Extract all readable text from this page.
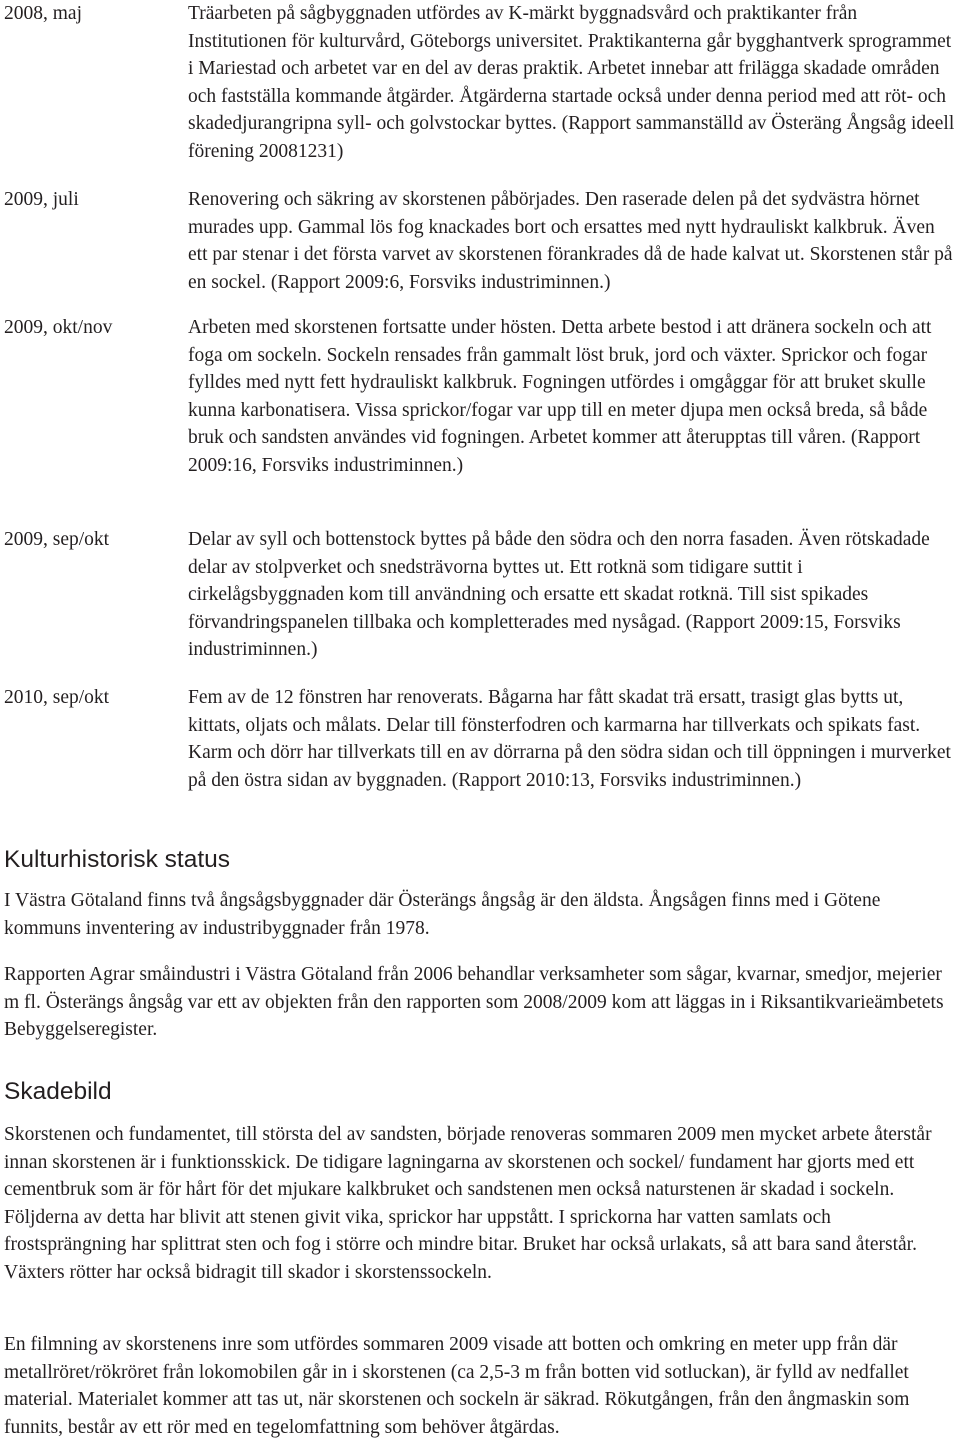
2008, maj	Träarbeten på sågbyggnaden utfördes av K-märkt byggnadsvård och praktikanter från Institutionen för kulturvård, Göteborgs universitet. Praktikanterna går bygghantverk sprogrammet i Mariestad och arbetet var en del av deras praktik. Arbetet innebar att frilägga skadade områden och fastställa kommande åtgärder. Åtgärderna startade också under denna period med att röt- och skadedjurangripna syll- och golvstockar byttes. (Rapport sammanställd av Österäng Ångsåg ideell förening 20081231)
2009, juli	Renovering och säkring av skorstenen påbörjades. Den raserade delen på det sydvästra hörnet murades upp. Gammal lös fog knackades bort och ersattes med nytt hydrauliskt kalkbruk. Även ett par stenar i det första varvet av skorstenen förankrades då de hade kalvat ut. Skorstenen står på en sockel. (Rapport 2009:6, Forsviks industriminnen.)
2009, okt/nov	Arbeten med skorstenen fortsatte under hösten. Detta arbete bestod i att dränera sockeln och att foga om sockeln. Sockeln rensades från gammalt löst bruk, jord och växter. Sprickor och fogar fylldes med nytt fett hydrauliskt kalkbruk. Fogningen utfördes i omgåggar för att bruket skulle kunna karbonatisera. Vissa sprickor/fogar var upp till en meter djupa men också breda, så både bruk och sandsten användes vid fogningen. Arbetet kommer att återupptas till våren. (Rapport 2009:16, Forsviks industriminnen.)
2009, sep/okt	Delar av syll och bottenstock byttes på både den södra och den norra fasaden. Även rötskadade delar av stolpverket och snedsträvorna byttes ut. Ett rotknä som tidigare suttit i cirkelågsbyggnaden kom till användning och ersatte ett skadat rotknä. Till sist spikades förvandringspanelen tillbaka och kompletterades med nysågad. (Rapport 2009:15, Forsviks industriminnen.)
2010, sep/okt	Fem av de 12 fönstren har renoverats. Bågarna har fått skadat trä ersatt, trasigt glas bytts ut, kittats, oljats och målats. Delar till fönsterfodren och karmarna har tillverkats och spikats fast. Karm och dörr har tillverkats till en av dörrarna på den södra sidan och till öppningen i murverket på den östra sidan av byggnaden. (Rapport 2010:13, Forsviks industriminnen.)
Kulturhistorisk status
I Västra Götaland finns två ångsågsbyggnader där Österängs ångsåg är den äldsta. Ångsågen finns med i Götene kommuns inventering av industribyggnader från 1978.
Rapporten Agrar småindustri i Västra Götaland från 2006 behandlar verksamheter som sågar, kvarnar, smedjor, mejerier m fl. Österängs ångsåg var ett av objekten från den rapporten som 2008/2009 kom att läggas in i Riksantikvarieämbetets Bebyggelseregister.
Skadebild
Skorstenen och fundamentet, till största del av sandsten, började renoveras sommaren 2009 men mycket arbete återstår innan skorstenen är i funktionsskick. De tidigare lagningarna av skorstenen och sockel/ fundament har gjorts med ett cementbruk som är för hårt för det mjukare kalkbruket och sandstenen men också naturstenen är skadad i sockeln. Följderna av detta har blivit att stenen givit vika, sprickor har uppstått. I sprickorna har vatten samlats och frostsprängning har splittrat sten och fog i större och mindre bitar. Bruket har också urlakats, så att bara sand återstår. Växters rötter har också bidragit till skador i skorstenssockeln.
En filmning av skorstenens inre som utfördes sommaren 2009 visade att botten och omkring en meter upp från där metallröret/rökröret från lokomobilen går in i skorstenen (ca 2,5-3 m från botten vid sotluckan), är fylld av nedfallet material. Materialet kommer att tas ut, när skorstenen och sockeln är säkrad. Rökutgången, från den ångmaskin som funnits, består av ett rör med en tegelomfattning som behöver åtgärdas.
